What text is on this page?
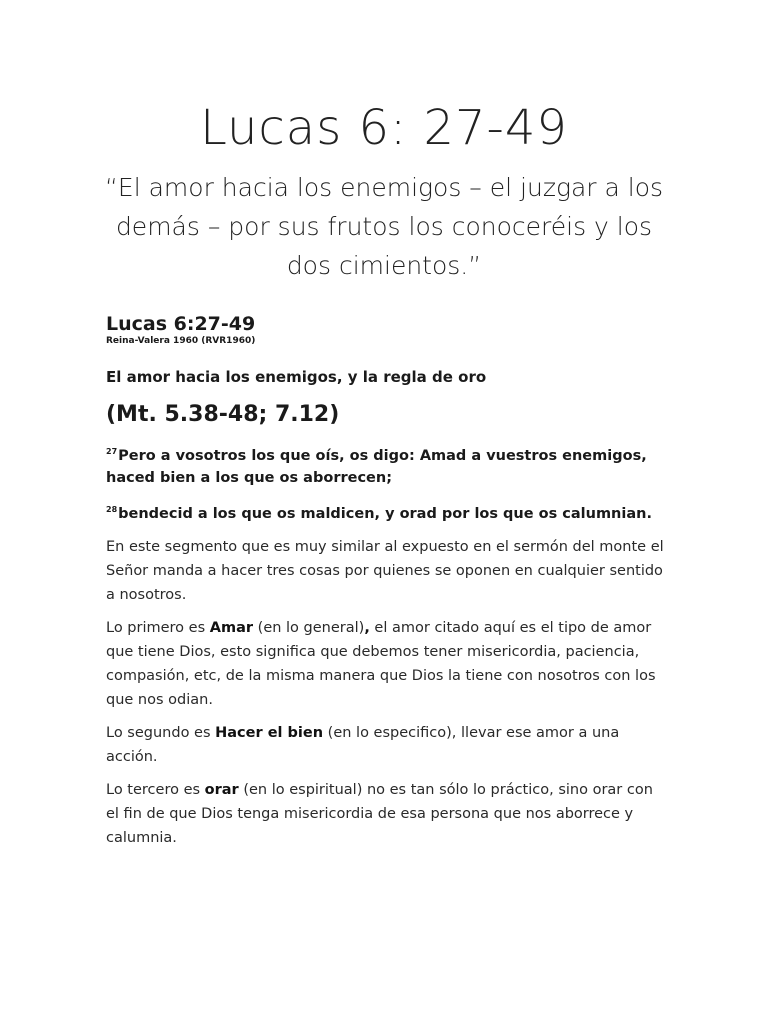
Lucas 6: 27-49
“El amor hacia los enemigos – el juzgar a los demás – por sus frutos los conoceréis y los dos cimientos.”

Lucas 6:27-49

Reina-Valera 1960 (RVR1960)

El amor hacia los enemigos, y la regla de oro

(Mt. 5.38-48; 7.12)

$^{27}$Pero a vosotros los que oís, os digo: Amad a vuestros enemigos, haced bien a los que os aborrecen;

$^{28}$bendecid a los que os maldicen, y orad por los que os calumnian.

En este segmento que es muy similar al expuesto en el sermón del monte el Señor manda a hacer tres cosas por quienes se oponen en cualquier sentido a nosotros.

Lo primero es Amar (en lo general), el amor citado aquí es el tipo de amor que tiene Dios, esto significa que debemos tener misericordia, paciencia, compasión, etc, de la misma manera que Dios la tiene con nosotros con los que nos odian.

Lo segundo es Hacer el bien (en lo especifico), llevar ese amor a una acción.

Lo tercero es orar (en lo espiritual) no es tan sólo lo práctico, sino orar con el fin de que Dios tenga misericordia de esa persona que nos aborrece y calumnia.
